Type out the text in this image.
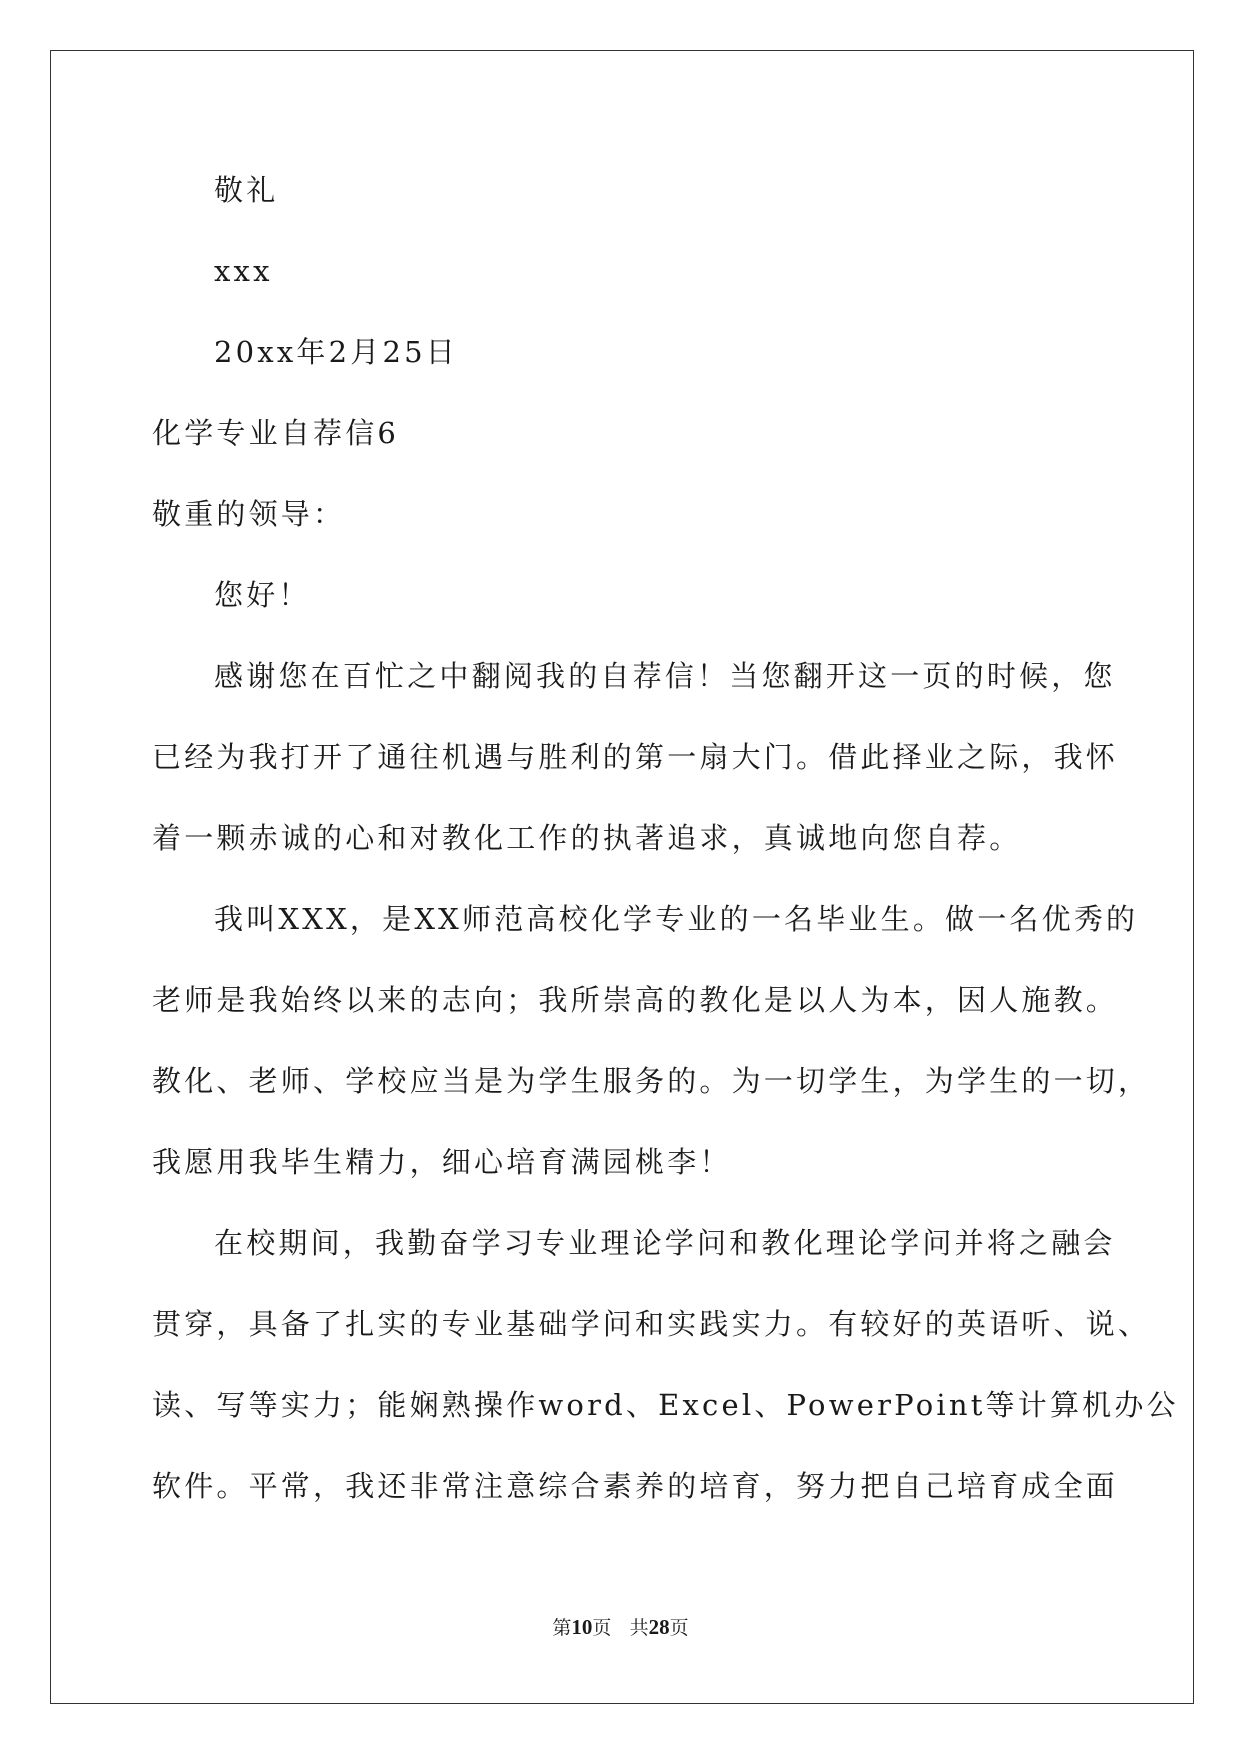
敬礼
xxx
20xx年2月25日
化学专业自荐信6
敬重的领导：
您好！
感谢您在百忙之中翻阅我的自荐信！当您翻开这一页的时候，您
已经为我打开了通往机遇与胜利的第一扇大门。借此择业之际，我怀
着一颗赤诚的心和对教化工作的执著追求，真诚地向您自荐。
我叫XXX，是XX师范高校化学专业的一名毕业生。做一名优秀的
老师是我始终以来的志向；我所崇高的教化是以人为本，因人施教。
教化、老师、学校应当是为学生服务的。为一切学生，为学生的一切，
我愿用我毕生精力，细心培育满园桃李！
在校期间，我勤奋学习专业理论学问和教化理论学问并将之融会
贯穿，具备了扎实的专业基础学问和实践实力。有较好的英语听、说、
读、写等实力；能娴熟操作word、Excel、PowerPoint等计算机办公
软件。平常，我还非常注意综合素养的培育，努力把自己培育成全面
第10页 共28页
